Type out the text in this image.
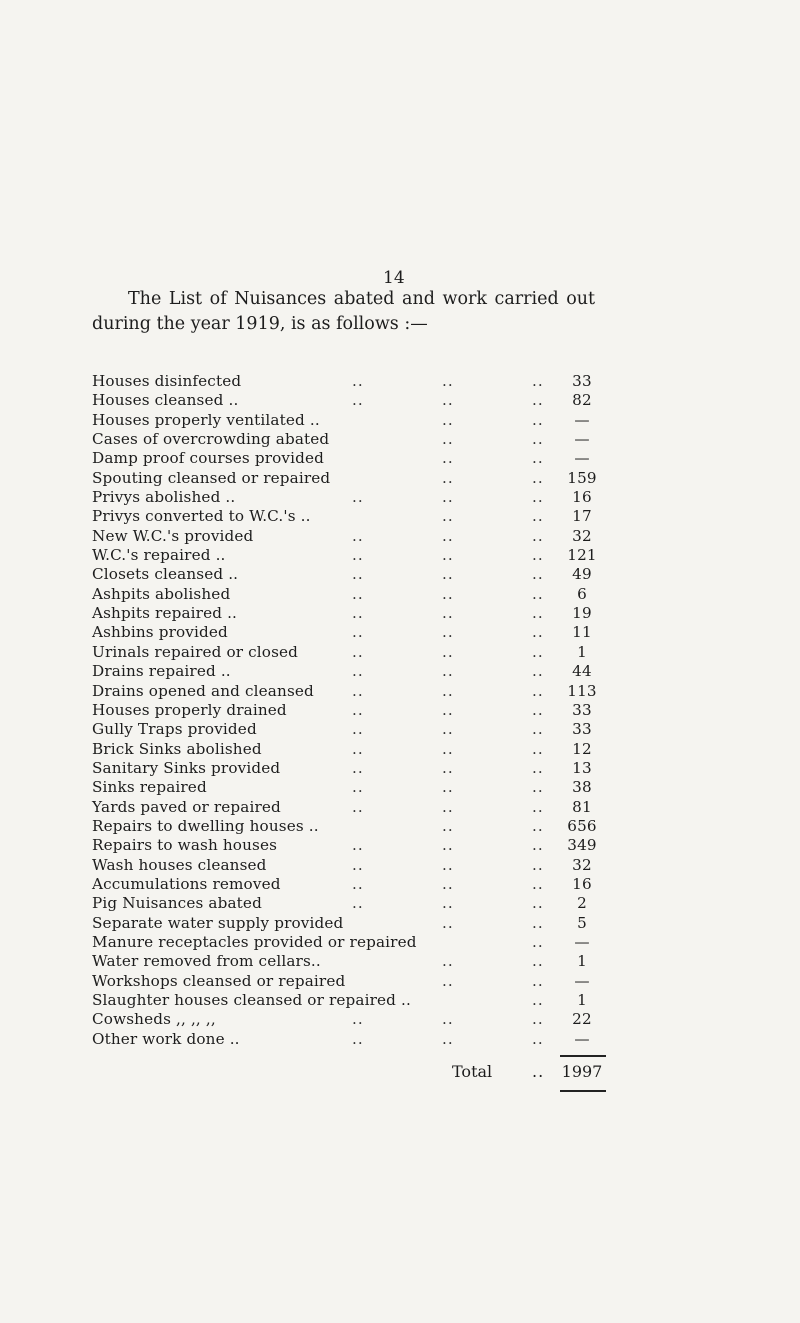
14
The List of Nuisances abated and work carried out
during the year 1919, is as follows :—
Houses disinfected	..	..	..	33
Houses cleansed ..	..	..	..	82
Houses properly ventilated ..	..	..	—
Cases of overcrowding abated	..	..	—
Damp proof courses provided	..	..	—
Spouting cleansed or repaired	..	..	159
Privys abolished ..	..	..	..	16
Privys converted to W.C.'s ..	..	..	17
New W.C.'s provided	..	..	..	32
W.C.'s repaired ..	..	..	..	121
Closets cleansed ..	..	..	..	49
Ashpits abolished	..	..	..	6
Ashpits repaired ..	..	..	..	19
Ashbins provided	..	..	..	11
Urinals repaired or closed	..	..	..	1
Drains repaired ..	..	..	..	44
Drains opened and cleansed	..	..	..	113
Houses properly drained	..	..	..	33
Gully Traps provided	..	..	..	33
Brick Sinks abolished	..	..	..	12
Sanitary Sinks provided	..	..	..	13
Sinks repaired	..	..	..	38
Yards paved or repaired	..	..	..	81
Repairs to dwelling houses ..	..	..	656
Repairs to wash houses	..	..	..	349
Wash houses cleansed	..	..	..	32
Accumulations removed	..	..	..	16
Pig Nuisances abated	..	..	..	2
Separate water supply provided	..	..	5
Manure receptacles provided or repaired	..	—
Water removed from cellars..	..	..	1
Workshops cleansed or repaired	..	..	—
Slaughter houses cleansed or repaired ..	..	1
Cowsheds ,, ,, ,,	..	..	..	22
Other work done ..	..	..	..	—
Total ..	1997
